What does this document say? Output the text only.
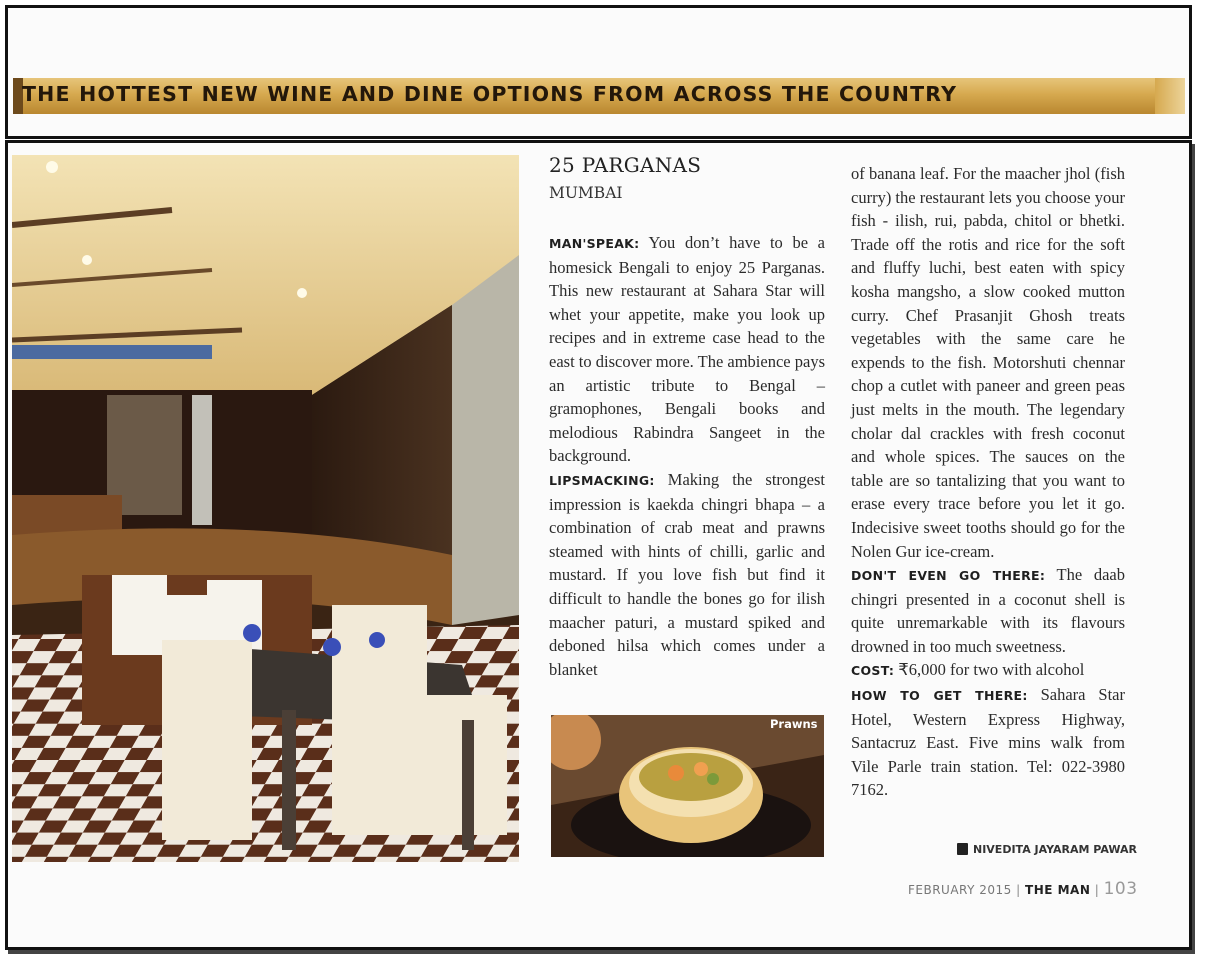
THE HOTTEST NEW WINE AND DINE OPTIONS FROM ACROSS THE COUNTRY
25 PARGANAS
MUMBAI

MAN'SPEAK: You don’t have to be a homesick Bengali to enjoy 25 Parganas. This new restaurant at Sahara Star will whet your appetite, make you look up recipes and in extreme case head to the east to discover more. The ambience pays an artistic tribute to Bengal – gramophones, Bengali books and melodious Rabindra Sangeet in the background.

LIPSMACKING: Making the strongest impression is kaekda chingri bhapa – a combination of crab meat and prawns steamed with hints of chilli, garlic and mustard. If you love fish but find it difficult to handle the bones go for ilish maacher paturi, a mustard spiked and deboned hilsa which comes under a blanket

of banana leaf. For the maacher jhol (fish curry) the restaurant lets you choose your fish - ilish, rui, pabda, chitol or bhetki. Trade off the rotis and rice for the soft and fluffy luchi, best eaten with spicy kosha mangsho, a slow cooked mutton curry. Chef Prasanjit Ghosh treats vegetables with the same care he expends to the fish. Motorshuti chennar chop a cutlet with paneer and green peas just melts in the mouth. The legendary cholar dal crackles with fresh coconut and whole spices. The sauces on the table are so tantalizing that you want to erase every trace before you let it go. Indecisive sweet tooths should go for the Nolen Gur ice-cream.

DON'T EVEN GO THERE: The daab chingri presented in a coconut shell is quite unremarkable with its flavours drowned in too much sweetness.

COST: ₹6,000 for two with alcohol

HOW TO GET THERE: Sahara Star Hotel, Western Express Highway, Santacruz East. Five mins walk from Vile Parle train station. Tel: 022-3980 7162.

Prawns
NIVEDITA JAYARAM PAWAR
FEBRUARY 2015 | THE MAN | 103
